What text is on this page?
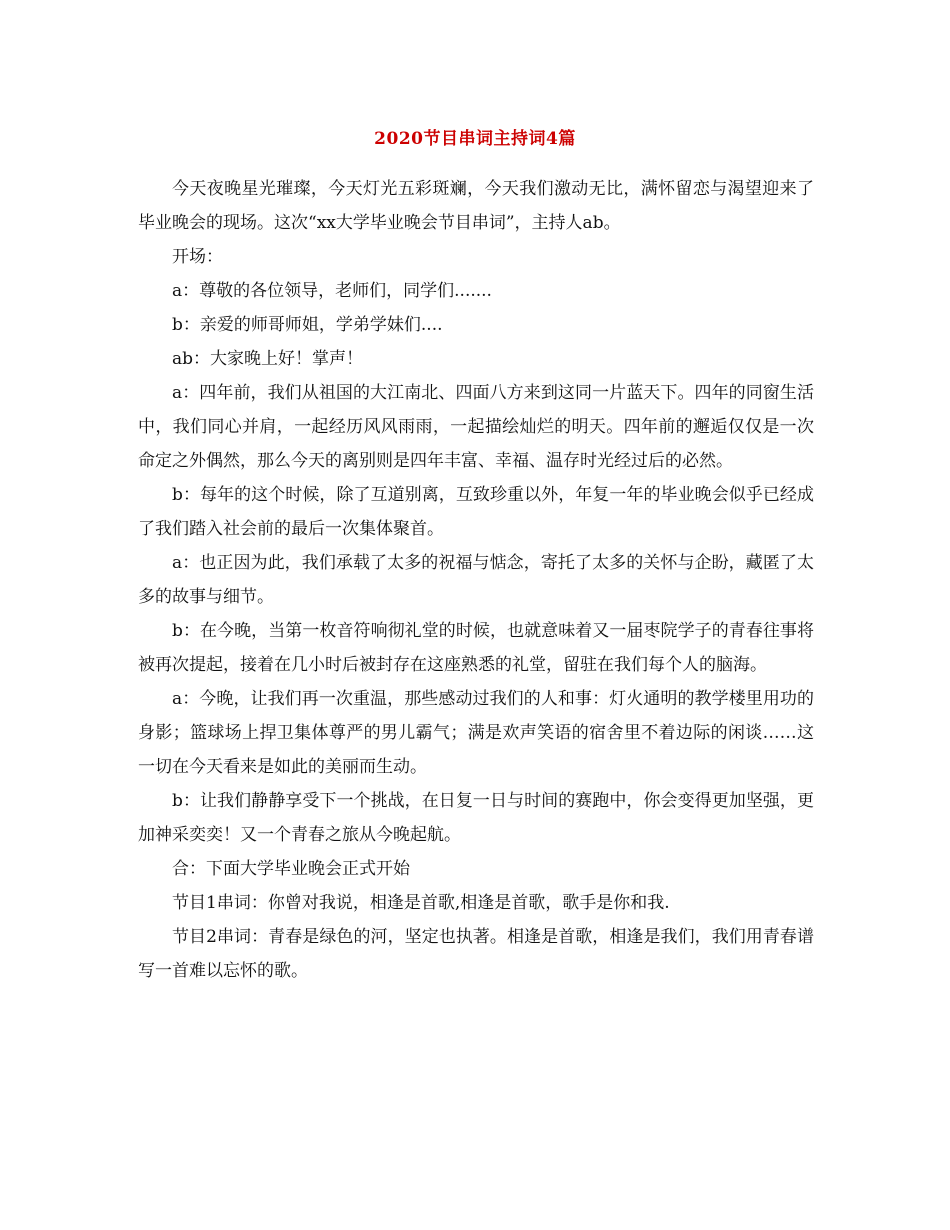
2020节目串词主持词4篇

今天夜晚星光璀璨，今天灯光五彩斑斓，今天我们激动无比，满怀留恋与渴望迎来了毕业晚会的现场。这次“xx大学毕业晚会节目串词”，主持人ab。

开场：

a：尊敬的各位领导，老师们，同学们.......

b：亲爱的师哥师姐，学弟学妹们....

ab：大家晚上好！掌声！

a：四年前，我们从祖国的大江南北、四面八方来到这同一片蓝天下。四年的同窗生活中，我们同心并肩，一起经历风风雨雨，一起描绘灿烂的明天。四年前的邂逅仅仅是一次命定之外偶然，那么今天的离别则是四年丰富、幸福、温存时光经过后的必然。

b：每年的这个时候，除了互道别离，互致珍重以外，年复一年的毕业晚会似乎已经成了我们踏入社会前的最后一次集体聚首。

a：也正因为此，我们承载了太多的祝福与惦念，寄托了太多的关怀与企盼，藏匿了太多的故事与细节。

b：在今晚，当第一枚音符响彻礼堂的时候，也就意味着又一届枣院学子的青春往事将被再次提起，接着在几小时后被封存在这座熟悉的礼堂，留驻在我们每个人的脑海。

a：今晚，让我们再一次重温，那些感动过我们的人和事：灯火通明的教学楼里用功的身影；篮球场上捍卫集体尊严的男儿霸气；满是欢声笑语的宿舍里不着边际的闲谈……这一切在今天看来是如此的美丽而生动。

b：让我们静静享受下一个挑战，在日复一日与时间的赛跑中，你会变得更加坚强，更加神采奕奕！又一个青春之旅从今晚起航。

合：下面大学毕业晚会正式开始

节目1串词：你曾对我说，相逢是首歌,相逢是首歌，歌手是你和我.

节目2串词：青春是绿色的河，坚定也执著。相逢是首歌，相逢是我们，我们用青春谱写一首难以忘怀的歌。
